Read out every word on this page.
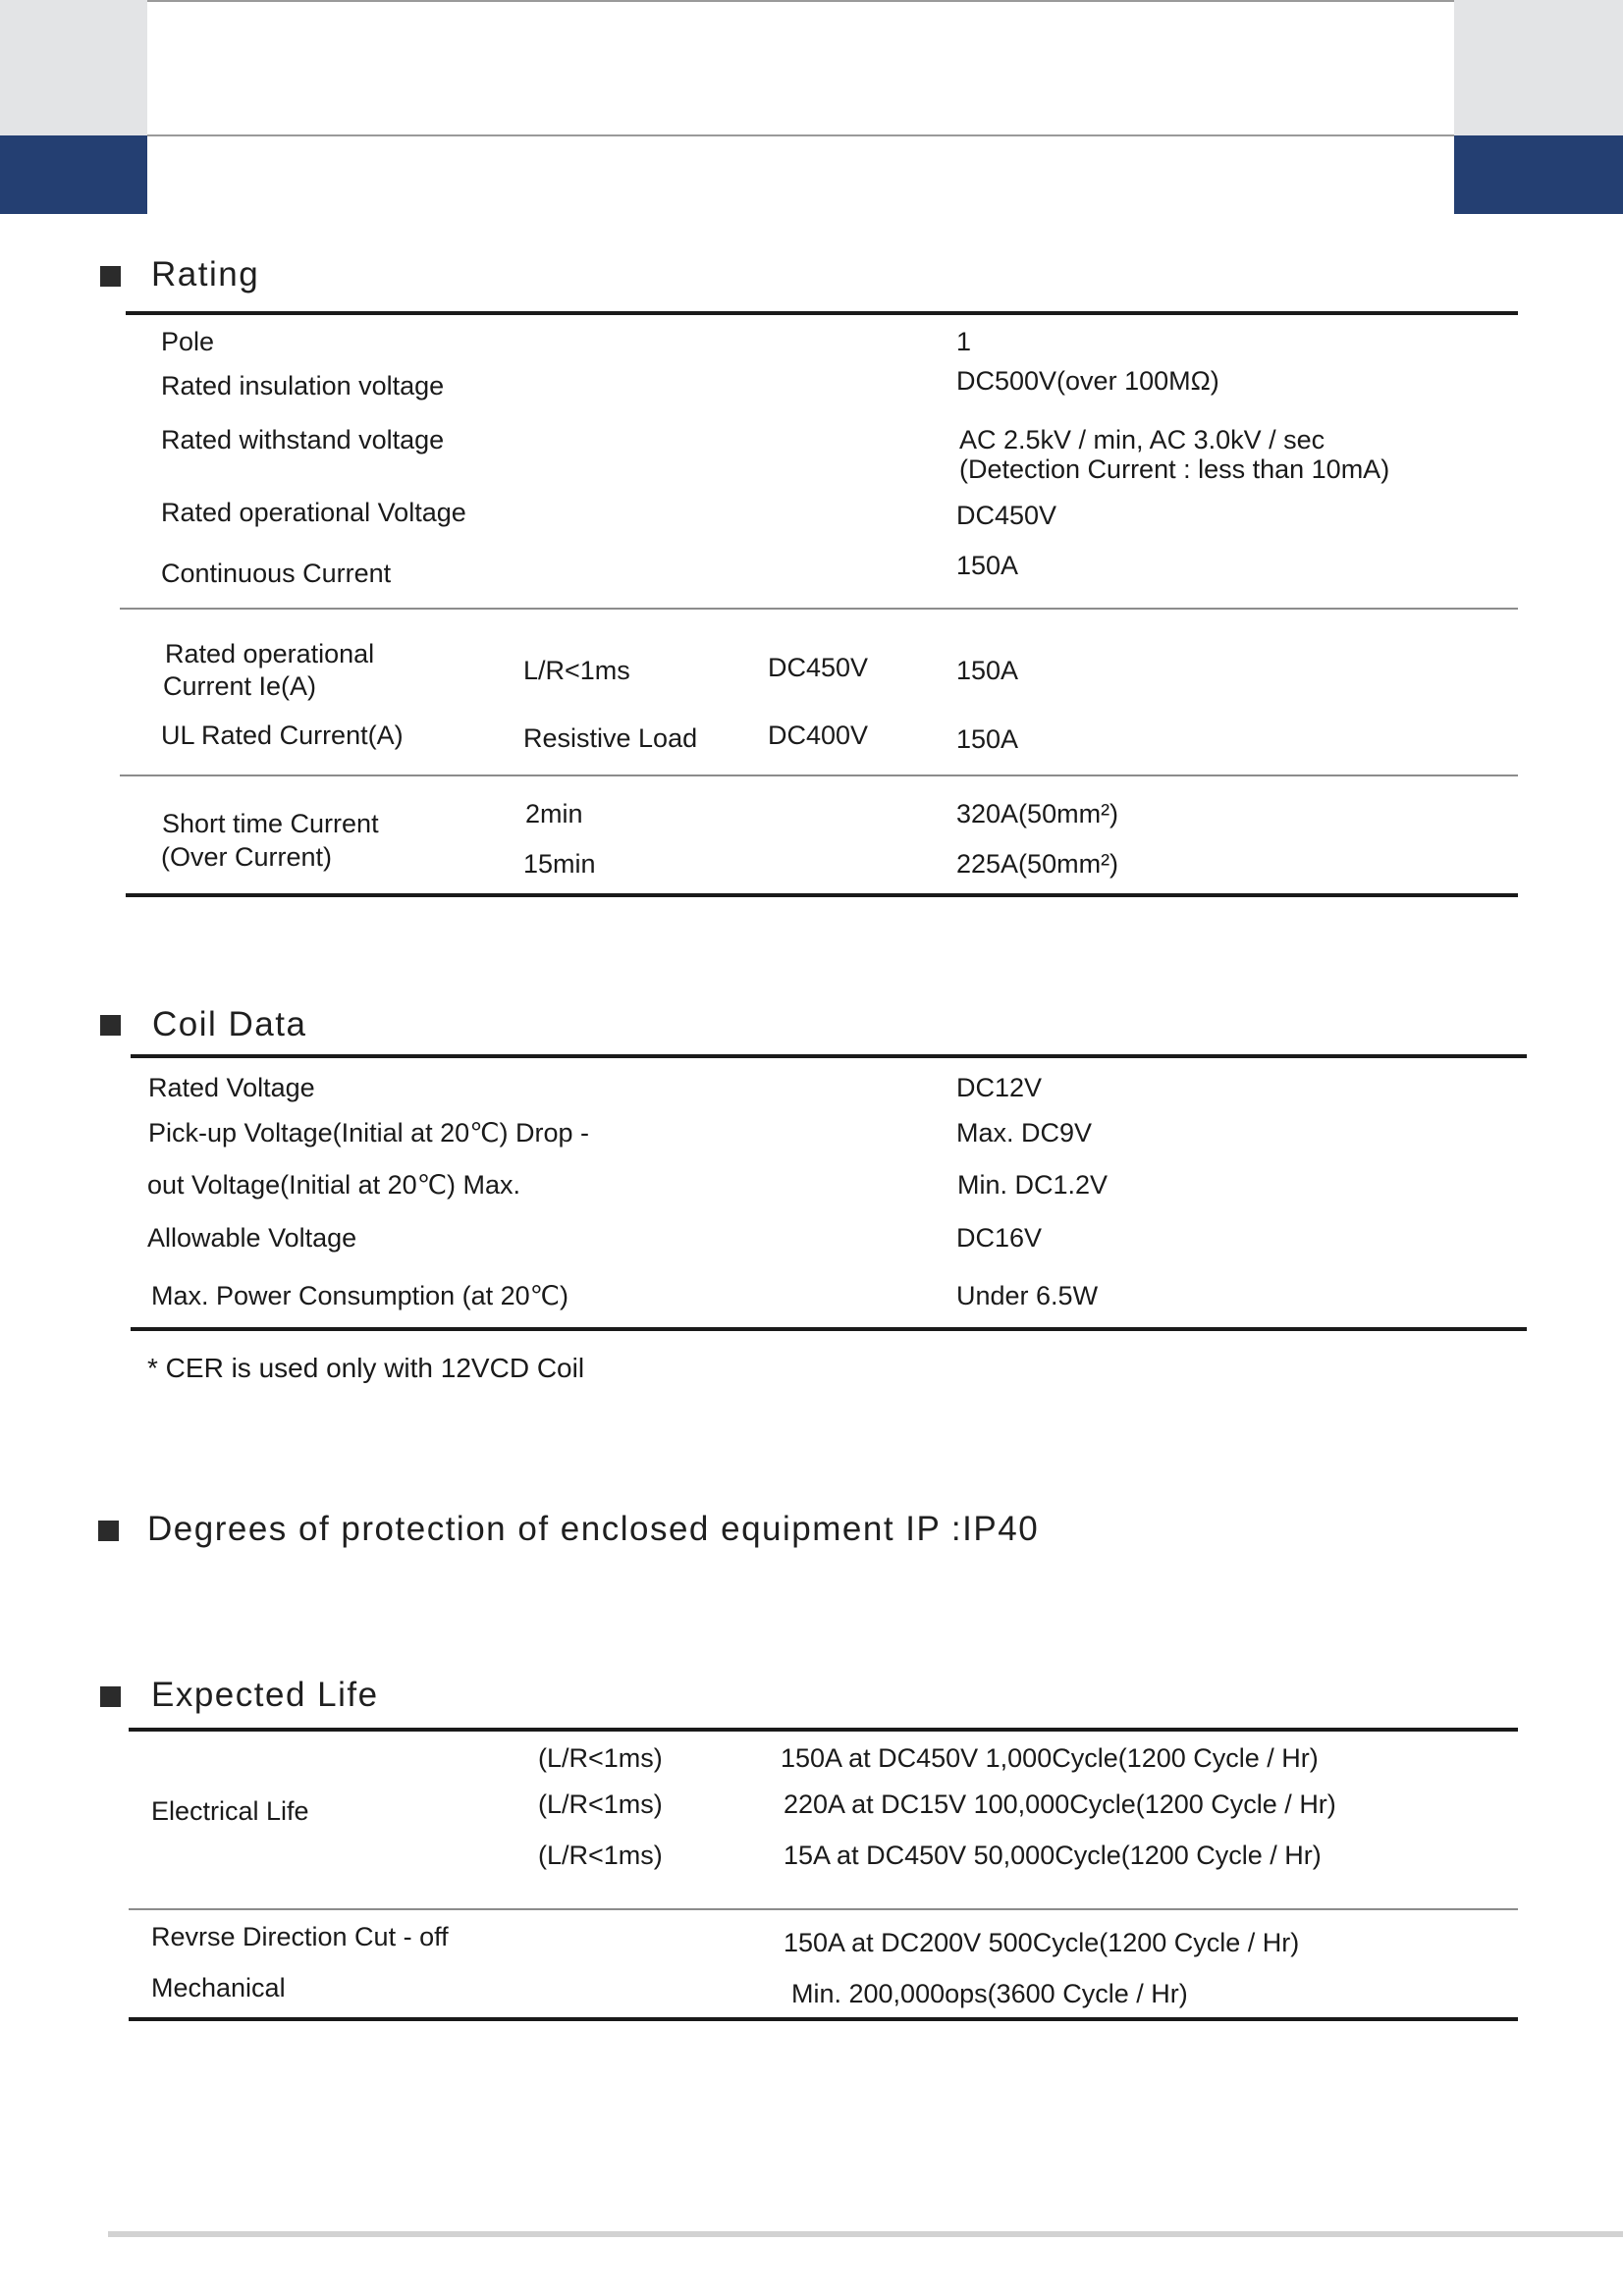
Rating
Pole	1
Rated insulation voltage	DC500V(over 100MΩ)
Rated withstand voltage	AC 2.5kV / min, AC 3.0kV / sec
(Detection Current : less than 10mA)
Rated operational Voltage	DC450V
Continuous Current	150A
Rated operational
Current Ie(A)
L/R<1ms	DC450V	150A
UL Rated Current(A)	Resistive Load	DC400V	150A
Short time Current
(Over Current)
2min	320A(50mm²)
15min	225A(50mm²)
Coil Data
Rated Voltage	DC12V
Pick-up Voltage(Initial at 20℃) Drop -	Max. DC9V
out Voltage(Initial at 20℃) Max.	Min. DC1.2V
Allowable Voltage	DC16V
Max. Power Consumption (at 20℃)	Under 6.5W
* CER is used only with 12VCD Coil
Degrees of protection of enclosed equipment IP :IP40
Expected Life
Electrical Life
(L/R<1ms)	150A at DC450V 1,000Cycle(1200 Cycle / Hr)
(L/R<1ms)	220A at DC15V 100,000Cycle(1200 Cycle / Hr)
(L/R<1ms)	15A at DC450V 50,000Cycle(1200 Cycle / Hr)
Revrse Direction Cut - off	150A at DC200V 500Cycle(1200 Cycle / Hr)
Mechanical	Min. 200,000ops(3600 Cycle / Hr)
